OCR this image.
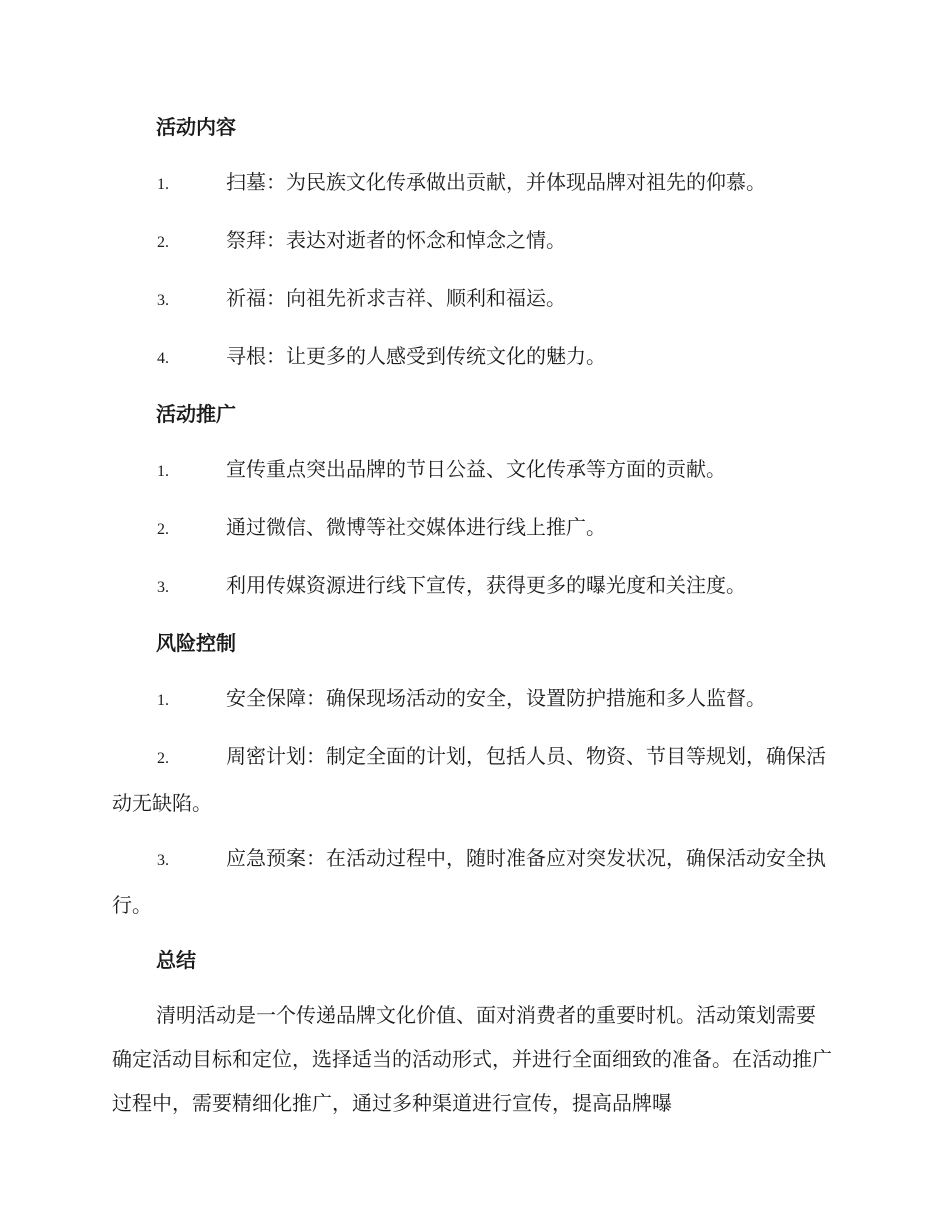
活动内容
1.	扫墓：为民族文化传承做出贡献，并体现品牌对祖先的仰慕。
2.	祭拜：表达对逝者的怀念和悼念之情。
3.	祈福：向祖先祈求吉祥、顺利和福运。
4.	寻根：让更多的人感受到传统文化的魅力。
活动推广
1.	宣传重点突出品牌的节日公益、文化传承等方面的贡献。
2.	通过微信、微博等社交媒体进行线上推广。
3.	利用传媒资源进行线下宣传，获得更多的曝光度和关注度。
风险控制
1.	安全保障：确保现场活动的安全，设置防护措施和多人监督。
2.	周密计划：制定全面的计划，包括人员、物资、节目等规划，确保活动无缺陷。
3.	应急预案：在活动过程中，随时准备应对突发状况，确保活动安全执行。
总结
清明活动是一个传递品牌文化价值、面对消费者的重要时机。活动策划需要确定活动目标和定位，选择适当的活动形式，并进行全面细致的准备。在活动推广过程中，需要精细化推广，通过多种渠道进行宣传，提高品牌曝
